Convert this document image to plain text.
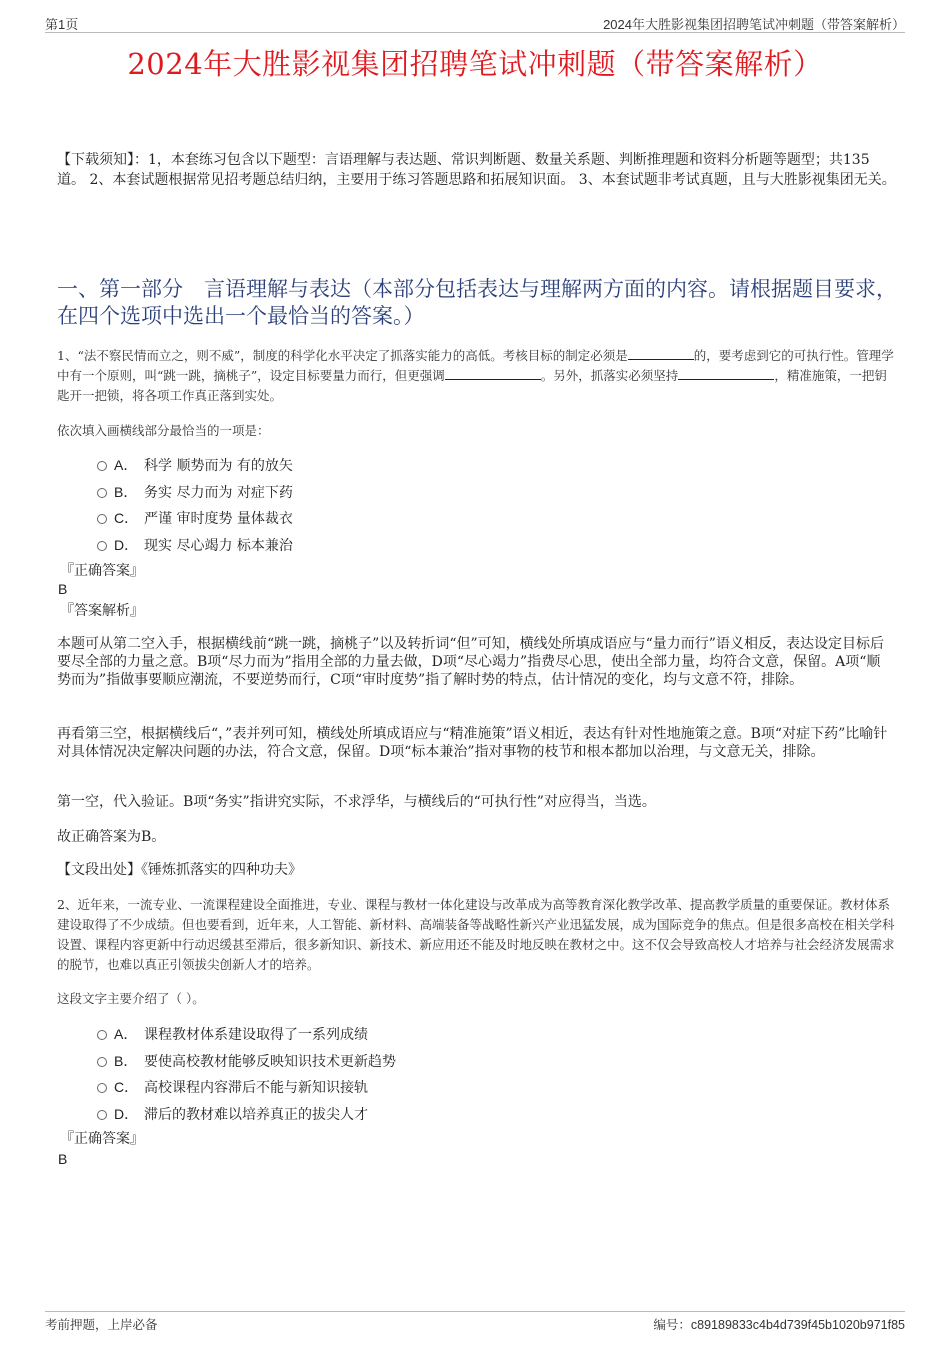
第1页	2024年大胜影视集团招聘笔试冲刺题（带答案解析）
2024年大胜影视集团招聘笔试冲刺题（带答案解析）
【下载须知】：1，本套练习包含以下题型：言语理解与表达题、常识判断题、数量关系题、判断推理题和资料分析题等题型；共135道。 2、本套试题根据常见招考题总结归纳，主要用于练习答题思路和拓展知识面。 3、本套试题非考试真题，且与大胜影视集团无关。
一、第一部分　言语理解与表达（本部分包括表达与理解两方面的内容。请根据题目要求，在四个选项中选出一个最恰当的答案。）
1、“法不察民情而立之，则不威”，制度的科学化水平决定了抓落实能力的高低。考核目标的制定必须是	的，要考虑到它的可执行性。管理学中有一个原则，叫“跳一跳，摘桃子”，设定目标要量力而行，但更强调	。另外，抓落实必须坚持	，精准施策，一把钥匙开一把锁，将各项工作真正落到实处。
依次填入画横线部分最恰当的一项是：
A． 科学 顺势而为 有的放矢
B． 务实 尽力而为 对症下药
C． 严谨 审时度势 量体裁衣
D． 现实 尽心竭力 标本兼治
『正确答案』
B
『答案解析』

本题可从第二空入手，根据横线前“跳一跳，摘桃子”以及转折词“但”可知，横线处所填成语应与“量力而行”语义相反，表达设定目标后要尽全部的力量之意。B项“尽力而为”指用全部的力量去做，D项“尽心竭力”指费尽心思，使出全部力量，均符合文意，保留。A项“顺势而为”指做事要顺应潮流，不要逆势而行，C项“审时度势”指了解时势的特点，估计情况的变化，均与文意不符，排除。

再看第三空，根据横线后“，”表并列可知，横线处所填成语应与“精准施策”语义相近，表达有针对性地施策之意。B项“对症下药”比喻针对具体情况决定解决问题的办法，符合文意，保留。D项“标本兼治”指对事物的枝节和根本都加以治理，与文意无关，排除。

第一空，代入验证。B项“务实”指讲究实际，不求浮华，与横线后的“可执行性”对应得当，当选。

故正确答案为B。

【文段出处】《锤炼抓落实的四种功夫》
2、近年来，一流专业、一流课程建设全面推进，专业、课程与教材一体化建设与改革成为高等教育深化教学改革、提高教学质量的重要保证。教材体系建设取得了不少成绩。但也要看到，近年来，人工智能、新材料、高端装备等战略性新兴产业迅猛发展，成为国际竞争的焦点。但是很多高校在相关学科设置、课程内容更新中行动迟缓甚至滞后，很多新知识、新技术、新应用还不能及时地反映在教材之中。这不仅会导致高校人才培养与社会经济发展需求的脱节，也难以真正引领拔尖创新人才的培养。
这段文字主要介绍了（ ）。
A． 课程教材体系建设取得了一系列成绩
B． 要使高校教材能够反映知识技术更新趋势
C． 高校课程内容滞后不能与新知识接轨
D． 滞后的教材难以培养真正的拔尖人才
『正确答案』
B
考前押题，上岸必备	编号：c89189833c4b4d739f45b1020b971f85
